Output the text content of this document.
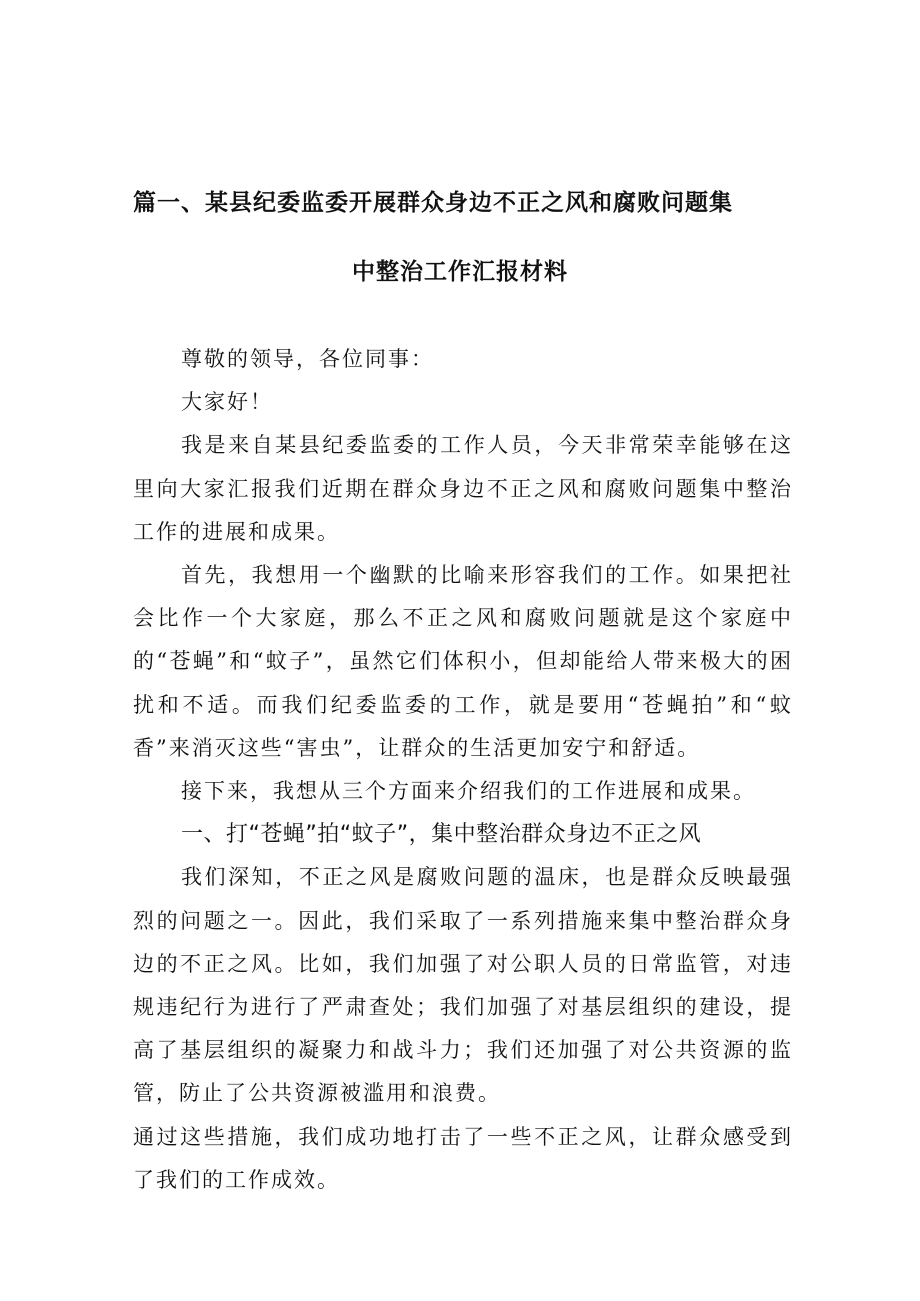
篇一、某县纪委监委开展群众身边不正之风和腐败问题集
中整治工作汇报材料

尊敬的领导，各位同事：

大家好！

我是来自某县纪委监委的工作人员，今天非常荣幸能够在这里向大家汇报我们近期在群众身边不正之风和腐败问题集中整治工作的进展和成果。

首先，我想用一个幽默的比喻来形容我们的工作。如果把社会比作一个大家庭，那么不正之风和腐败问题就是这个家庭中的“苍蝇”和“蚊子”，虽然它们体积小，但却能给人带来极大的困扰和不适。而我们纪委监委的工作，就是要用“苍蝇拍”和“蚊香”来消灭这些“害虫”，让群众的生活更加安宁和舒适。

接下来，我想从三个方面来介绍我们的工作进展和成果。

一、打“苍蝇”拍“蚊子”，集中整治群众身边不正之风

我们深知，不正之风是腐败问题的温床，也是群众反映最强烈的问题之一。因此，我们采取了一系列措施来集中整治群众身边的不正之风。比如，我们加强了对公职人员的日常监管，对违规违纪行为进行了严肃查处；我们加强了对基层组织的建设，提高了基层组织的凝聚力和战斗力；我们还加强了对公共资源的监管，防止了公共资源被滥用和浪费。

通过这些措施，我们成功地打击了一些不正之风，让群众感受到了我们的工作成效。
